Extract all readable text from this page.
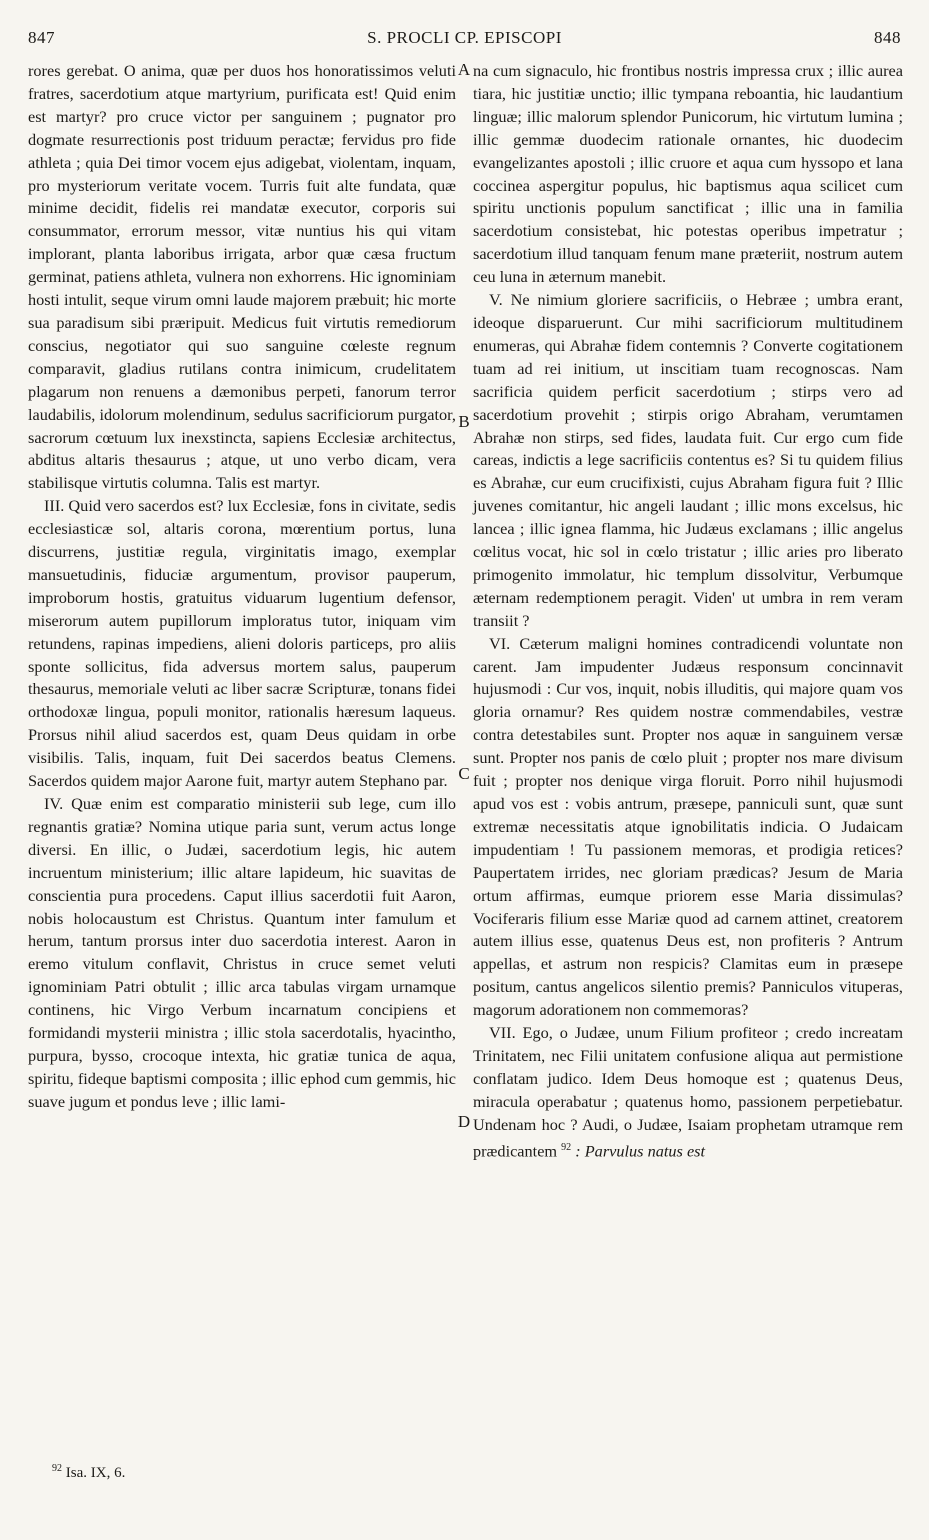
847	S. PROCLI CP. EPISCOPI	848

rores gerebat. O anima, quæ per duos hos honoratissimos veluti fratres, sacerdotium atque martyrium, purificata est! Quid enim est martyr? pro cruce victor per sanguinem ; pugnator pro dogmate resurrectionis post triduum peractæ; fervidus pro fide athleta ; quia Dei timor vocem ejus adigebat, violentam, inquam, pro mysteriorum veritate vocem. Turris fuit alte fundata, quæ minime decidit, fidelis rei mandatæ executor, corporis sui consummator, errorum messor, vitæ nuntius his qui vitam implorant, planta laboribus irrigata, arbor quæ cæsa fructum germinat, patiens athleta, vulnera non exhorrens. Hic ignominiam hosti intulit, seque virum omni laude majorem præbuit; hic morte sua paradisum sibi præripuit. Medicus fuit virtutis remediorum conscius, negotiator qui suo sanguine cœleste regnum comparavit, gladius rutilans contra inimicum, crudelitatem plagarum non renuens a dæmonibus perpeti, fanorum terror laudabilis, idolorum molendinum, sedulus sacrificiorum purgator, sacrorum cœtuum lux inexstincta, sapiens Ecclesiæ architectus, abditus altaris thesaurus ; atque, ut uno verbo dicam, vera stabilisque virtutis columna. Talis est martyr.

III. Quid vero sacerdos est? lux Ecclesiæ, fons in civitate, sedis ecclesiasticæ sol, altaris corona, mœrentium portus, luna discurrens, justitiæ regula, virginitatis imago, exemplar mansuetudinis, fiduciæ argumentum, provisor pauperum, improborum hostis, gratuitus viduarum lugentium defensor, miserorum autem pupillorum imploratus tutor, iniquam vim retundens, rapinas impediens, alieni doloris particeps, pro aliis sponte sollicitus, fida adversus mortem salus, pauperum thesaurus, memoriale veluti ac liber sacræ Scripturæ, tonans fidei orthodoxæ lingua, populi monitor, rationalis hæresum laqueus. Prorsus nihil aliud sacerdos est, quam Deus quidam in orbe visibilis. Talis, inquam, fuit Dei sacerdos beatus Clemens. Sacerdos quidem major Aarone fuit, martyr autem Stephano par.

IV. Quæ enim est comparatio ministerii sub lege, cum illo regnantis gratiæ? Nomina utique paria sunt, verum actus longe diversi. En illic, o Judæi, sacerdotium legis, hic autem incruentum ministerium; illic altare lapideum, hic suavitas de conscientia pura procedens. Caput illius sacerdotii fuit Aaron, nobis holocaustum est Christus. Quantum inter famulum et herum, tantum prorsus inter duo sacerdotia interest. Aaron in eremo vitulum conflavit, Christus in cruce semet veluti ignominiam Patri obtulit ; illic arca tabulas virgam urnamque continens, hic Virgo Verbum incarnatum concipiens et formidandi mysterii ministra ; illic stola sacerdotalis, hyacintho, purpura, bysso, crocoque intexta, hic gratiæ tunica de aqua, spiritu, fideque baptismi composita ; illic ephod cum gemmis, hic suave jugum et pondus leve ; illic lami-

A
B
C
D

na cum signaculo, hic frontibus nostris impressa crux ; illic aurea tiara, hic justitiæ unctio; illic tympana reboantia, hic laudantium linguæ; illic malorum splendor Punicorum, hic virtutum lumina ; illic gemmæ duodecim rationale ornantes, hic duodecim evangelizantes apostoli ; illic cruore et aqua cum hyssopo et lana coccinea aspergitur populus, hic baptismus aqua scilicet cum spiritu unctionis populum sanctificat ; illic una in familia sacerdotium consistebat, hic potestas operibus impetratur ; sacerdotium illud tanquam fenum mane præteriit, nostrum autem ceu luna in æternum manebit.

V. Ne nimium gloriere sacrificiis, o Hebræe ; umbra erant, ideoque disparuerunt. Cur mihi sacrificiorum multitudinem enumeras, qui Abrahæ fidem contemnis ? Converte cogitationem tuam ad rei initium, ut inscitiam tuam recognoscas. Nam sacrificia quidem perficit sacerdotium ; stirps vero ad sacerdotium provehit ; stirpis origo Abraham, verumtamen Abrahæ non stirps, sed fides, laudata fuit. Cur ergo cum fide careas, indictis a lege sacrificiis contentus es? Si tu quidem filius es Abrahæ, cur eum crucifixisti, cujus Abraham figura fuit ? Illic juvenes comitantur, hic angeli laudant ; illic mons excelsus, hic lancea ; illic ignea flamma, hic Judæus exclamans ; illic angelus cœlitus vocat, hic sol in cœlo tristatur ; illic aries pro liberato primogenito immolatur, hic templum dissolvitur, Verbumque æternam redemptionem peragit. Viden' ut umbra in rem veram transiit ?

VI. Cæterum maligni homines contradicendi voluntate non carent. Jam impudenter Judæus responsum concinnavit hujusmodi : Cur vos, inquit, nobis illuditis, qui majore quam vos gloria ornamur? Res quidem nostræ commendabiles, vestræ contra detestabiles sunt. Propter nos aquæ in sanguinem versæ sunt. Propter nos panis de cœlo pluit ; propter nos mare divisum fuit ; propter nos denique virga floruit. Porro nihil hujusmodi apud vos est : vobis antrum, præsepe, panniculi sunt, quæ sunt extremæ necessitatis atque ignobilitatis indicia. O Judaicam impudentiam ! Tu passionem memoras, et prodigia retices? Paupertatem irrides, nec gloriam prædicas? Jesum de Maria ortum affirmas, eumque priorem esse Maria dissimulas? Vociferaris filium esse Mariæ quod ad carnem attinet, creatorem autem illius esse, quatenus Deus est, non profiteris ? Antrum appellas, et astrum non respicis? Clamitas eum in præsepe positum, cantus angelicos silentio premis? Panniculos vituperas, magorum adorationem non commemoras?

VII. Ego, o Judæe, unum Filium profiteor ; credo increatam Trinitatem, nec Filii unitatem confusione aliqua aut permistione conflatam judico. Idem Deus homoque est ; quatenus Deus, miracula operabatur ; quatenus homo, passionem perpetiebatur. Undenam hoc ? Audi, o Judæe, Isaiam prophetam utramque rem prædicantem $^{92}$ : Parvulus natus est

$^{92}$ Isa. IX, 6.
